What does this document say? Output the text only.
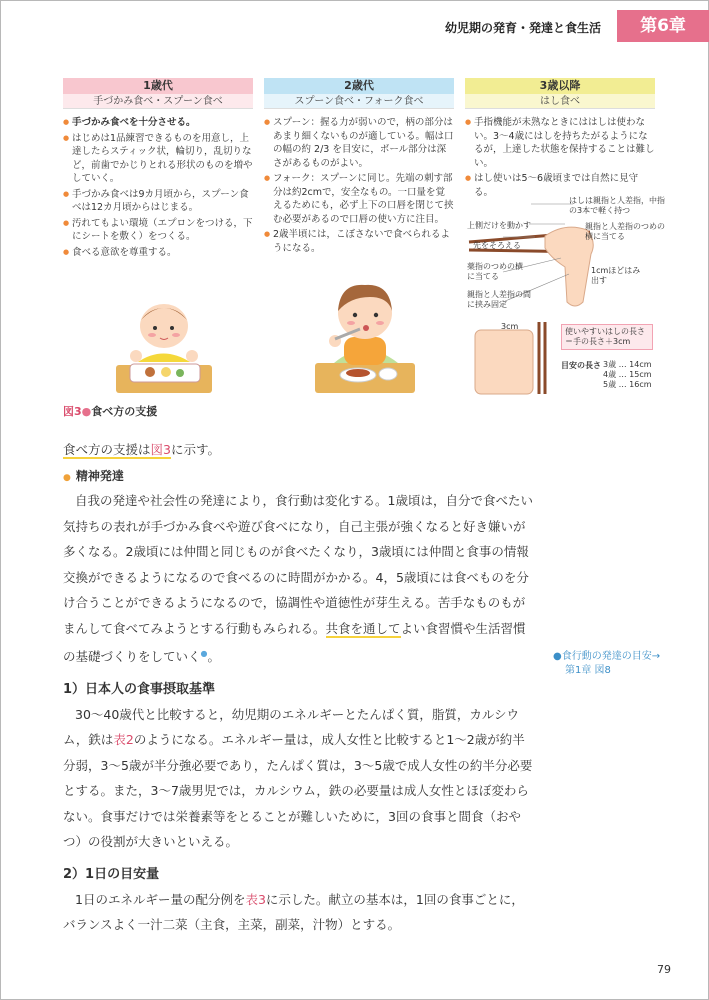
幼児期の発育・発達と食生活	第6章
1歳代
手づかみ食べ・スプーン食べ
● 手づかみ食べを十分させる。
● はじめは1品練習できるものを用意し，上達したらスティック状，輪切り，乱切りなど，前歯でかじりとれる形状のものを増やしていく。
● 手づかみ食べは9カ月頃から，スプーン食べは12カ月頃からはじまる。
● 汚れてもよい環境（エプロンをつける，下にシートを敷く）をつくる。
● 食べる意欲を尊重する。
2歳代
スプーン食べ・フォーク食べ
● スプーン：握る力が弱いので，柄の部分はあまり細くないものが適している。幅は口の幅の約 2/3 を目安に，ボール部分は深さがあるものがよい。
● フォーク：スプーンに同じ。先端の刺す部分は約2cmで，安全なもの。一口量を覚えるためにも，必ず上下の口唇を閉じて挟む必要があるので口唇の使い方に注目。
● 2歳半頃には，こぼさないで食べられるようになる。
3歳以降
はし食べ
● 手指機能が未熟なときにははしは使わない。3～4歳にはしを持ちたがるようになるが，上達した状態を保持することは難しい。
● はし使いは5～6歳頃までは自然に見守る。
はしは親指と人差指，中指の3本で軽く持つ
上側だけを動かす
先をそろえる
親指と人差指のつめの横に当てる
薬指のつめの横に当てる
1cmほどはみ出す
親指と人差指の間に挟み固定
3cm
使いやすいはしの長さ＝手の長さ＋3cm
目安の長さ 3歳 … 14cm
4歳 … 15cm
5歳 … 16cm
図3●食べ方の支援
食べ方の支援は図3に示す。
● 精神発達
自我の発達や社会性の発達により，食行動は変化する。1歳頃は，自分で食べたい気持ちの表れが手づかみ食べや遊び食べになり，自己主張が強くなると好き嫌いが多くなる。2歳頃には仲間と同じものが食べたくなり，3歳頃には仲間と食事の情報交換ができるようになるので食べるのに時間がかかる。4，5歳頃には食べものを分け合うことができるようになるので，協調性や道徳性が芽生える。苦手なものもがまんして食べてみようとする行動もみられる。共食を通してよい食習慣や生活習慣の基礎づくりをしていく●。
1）日本人の食事摂取基準
30～40歳代と比較すると，幼児期のエネルギーとたんぱく質，脂質，カルシウム，鉄は表2のようになる。エネルギー量は，成人女性と比較すると1～2歳が約半分弱，3～5歳が半分強必要であり，たんぱく質は，3～5歳で成人女性の約半分必要とする。また，3～7歳男児では，カルシウム，鉄の必要量は成人女性とほぼ変わらない。食事だけでは栄養素等をとることが難しいために，3回の食事と間食（おやつ）の役割が大きいといえる。
2）1日の目安量
1日のエネルギー量の配分例を表3に示した。献立の基本は，1回の食事ごとに，バランスよく一汁二菜（主食，主菜，副菜，汁物）とする。
●食行動の発達の目安→
第1章 図8
79
